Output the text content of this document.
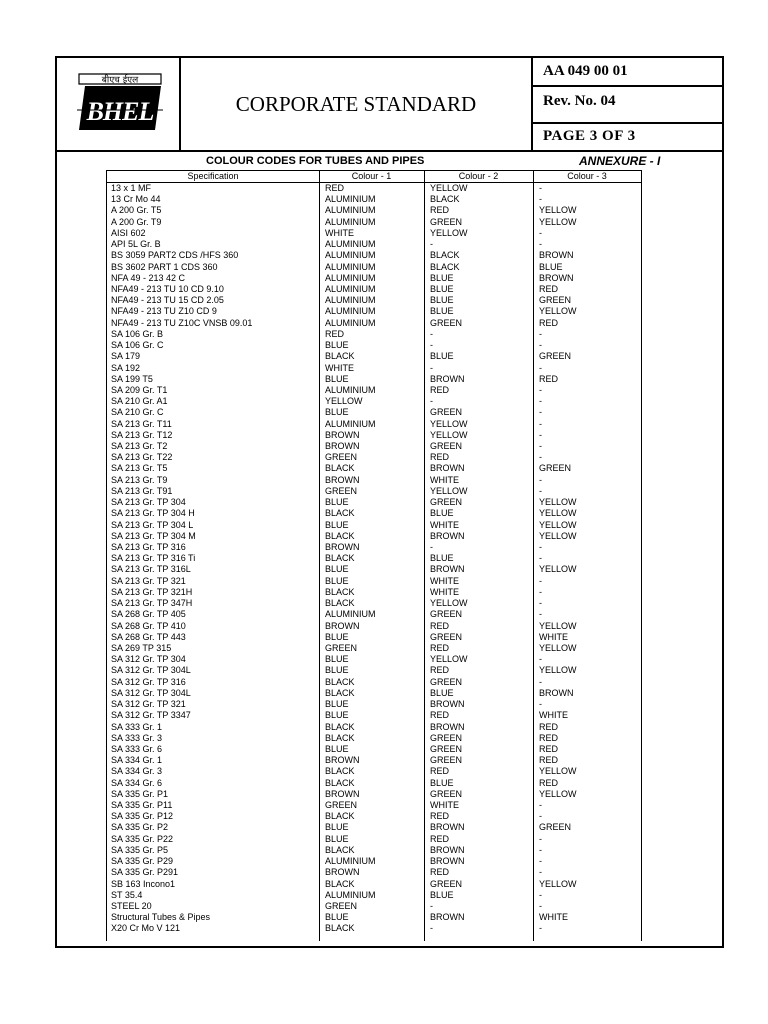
बीएच ईएल
BHEL	CORPORATE STANDARD
AA 049 00 01
Rev. No. 04
PAGE 3 OF 3
COLOUR CODES FOR TUBES AND PIPES	ANNEXURE - I
Specification	Colour - 1	Colour - 2	Colour - 3
13 x 1 MF	RED	YELLOW	-
13 Cr Mo 44	ALUMINIUM	BLACK	-
A 200 Gr. T5	ALUMINIUM	RED	YELLOW
A 200 Gr. T9	ALUMINIUM	GREEN	YELLOW
AISI 602	WHITE	YELLOW	-
API 5L Gr. B	ALUMINIUM	-	-
BS 3059 PART2 CDS /HFS 360	ALUMINIUM	BLACK	BROWN
BS 3602 PART 1 CDS 360	ALUMINIUM	BLACK	BLUE
NFA 49 - 213 42 C	ALUMINIUM	BLUE	BROWN
NFA49 - 213 TU 10 CD 9.10	ALUMINIUM	BLUE	RED
NFA49 - 213 TU 15 CD 2.05	ALUMINIUM	BLUE	GREEN
NFA49 - 213 TU Z10 CD 9	ALUMINIUM	BLUE	YELLOW
NFA49 - 213 TU Z10C VNSB 09.01	ALUMINIUM	GREEN	RED
SA 106 Gr. B	RED	-	-
SA 106 Gr. C	BLUE	-	-
SA 179	BLACK	BLUE	GREEN
SA 192	WHITE	-	-
SA 199 T5	BLUE	BROWN	RED
SA 209 Gr. T1	ALUMINIUM	RED	-
SA 210 Gr. A1	YELLOW	-	-
SA 210 Gr. C	BLUE	GREEN	-
SA 213 Gr. T11	ALUMINIUM	YELLOW	-
SA 213 Gr. T12	BROWN	YELLOW	-
SA 213 Gr. T2	BROWN	GREEN	-
SA 213 Gr. T22	GREEN	RED	-
SA 213 Gr. T5	BLACK	BROWN	GREEN
SA 213 Gr. T9	BROWN	WHITE	-
SA 213 Gr. T91	GREEN	YELLOW	-
SA 213 Gr. TP 304	BLUE	GREEN	YELLOW
SA 213 Gr. TP 304 H	BLACK	BLUE	YELLOW
SA 213 Gr. TP 304 L	BLUE	WHITE	YELLOW
SA 213 Gr. TP 304 M	BLACK	BROWN	YELLOW
SA 213 Gr. TP 316	BROWN	-	-
SA 213 Gr. TP 316 Ti	BLACK	BLUE	-
SA 213 Gr. TP 316L	BLUE	BROWN	YELLOW
SA 213 Gr. TP 321	BLUE	WHITE	-
SA 213 Gr. TP 321H	BLACK	WHITE	-
SA 213 Gr. TP 347H	BLACK	YELLOW	-
SA 268 Gr. TP 405	ALUMINIUM	GREEN	-
SA 268 Gr. TP 410	BROWN	RED	YELLOW
SA 268 Gr. TP 443	BLUE	GREEN	WHITE
SA 269 TP 315	GREEN	RED	YELLOW
SA 312 Gr. TP 304	BLUE	YELLOW	-
SA 312 Gr. TP 304L	BLUE	RED	YELLOW
SA 312 Gr. TP 316	BLACK	GREEN	-
SA 312 Gr. TP 304L	BLACK	BLUE	BROWN
SA 312 Gr. TP 321	BLUE	BROWN	-
SA 312 Gr. TP 3347	BLUE	RED	WHITE
SA 333 Gr. 1	BLACK	BROWN	RED
SA 333 Gr. 3	BLACK	GREEN	RED
SA 333 Gr. 6	BLUE	GREEN	RED
SA 334 Gr. 1	BROWN	GREEN	RED
SA 334 Gr. 3	BLACK	RED	YELLOW
SA 334 Gr. 6	BLACK	BLUE	RED
SA 335 Gr. P1	BROWN	GREEN	YELLOW
SA 335 Gr. P11	GREEN	WHITE	-
SA 335 Gr. P12	BLACK	RED	-
SA 335 Gr. P2	BLUE	BROWN	GREEN
SA 335 Gr. P22	BLUE	RED	-
SA 335 Gr. P5	BLACK	BROWN	-
SA 335 Gr. P29	ALUMINIUM	BROWN	-
SA 335 Gr. P291	BROWN	RED	-
SB 163 Incono1	BLACK	GREEN	YELLOW
ST 35.4	ALUMINIUM	BLUE	-
STEEL 20	GREEN	-	-
Structural Tubes & Pipes	BLUE	BROWN	WHITE
X20 Cr Mo V 121	BLACK	-	-
